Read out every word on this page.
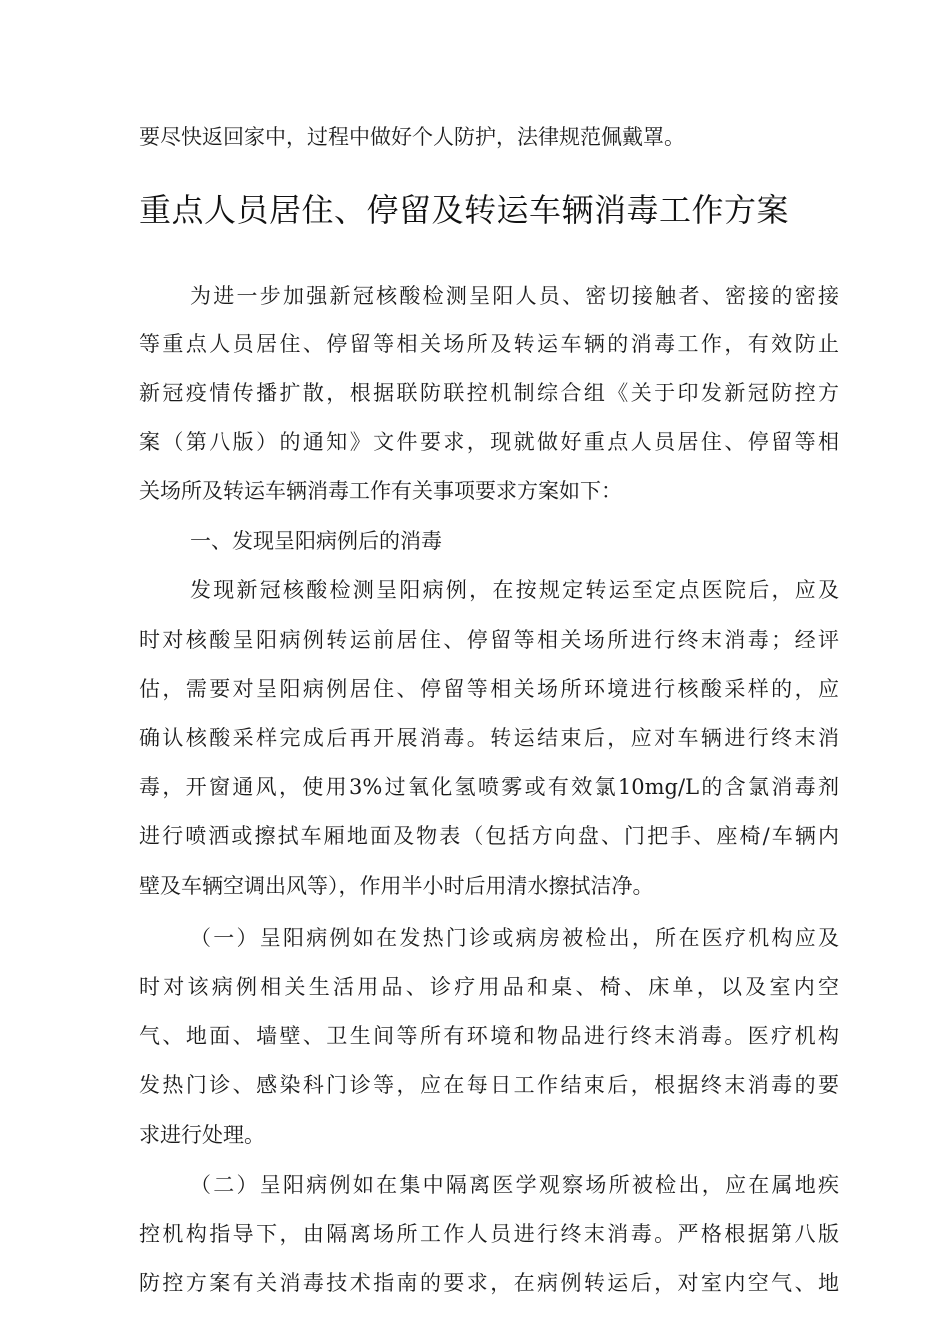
要尽快返回家中，过程中做好个人防护，法律规范佩戴罩。
重点人员居住、停留及转运车辆消毒工作方案
为进一步加强新冠核酸检测呈阳人员、密切接触者、密接的密接
等重点人员居住、停留等相关场所及转运车辆的消毒工作，有效防止
新冠疫情传播扩散，根据联防联控机制综合组《关于印发新冠防控方
案（第八版）的通知》文件要求，现就做好重点人员居住、停留等相
关场所及转运车辆消毒工作有关事项要求方案如下：
一、发现呈阳病例后的消毒
发现新冠核酸检测呈阳病例，在按规定转运至定点医院后，应及
时对核酸呈阳病例转运前居住、停留等相关场所进行终末消毒；经评
估，需要对呈阳病例居住、停留等相关场所环境进行核酸采样的，应
确认核酸采样完成后再开展消毒。转运结束后，应对车辆进行终末消
毒，开窗通风，使用3%过氧化氢喷雾或有效氯10mg/L的含氯消毒剂
进行喷洒或擦拭车厢地面及物表（包括方向盘、门把手、座椅/车辆内
壁及车辆空调出风等），作用半小时后用清水擦拭洁净。
（一）呈阳病例如在发热门诊或病房被检出，所在医疗机构应及
时对该病例相关生活用品、诊疗用品和桌、椅、床单，以及室内空
气、地面、墙壁、卫生间等所有环境和物品进行终末消毒。医疗机构
发热门诊、感染科门诊等，应在每日工作结束后，根据终末消毒的要
求进行处理。
（二）呈阳病例如在集中隔离医学观察场所被检出，应在属地疾
控机构指导下，由隔离场所工作人员进行终末消毒。严格根据第八版
防控方案有关消毒技术指南的要求，在病例转运后，对室内空气、地
